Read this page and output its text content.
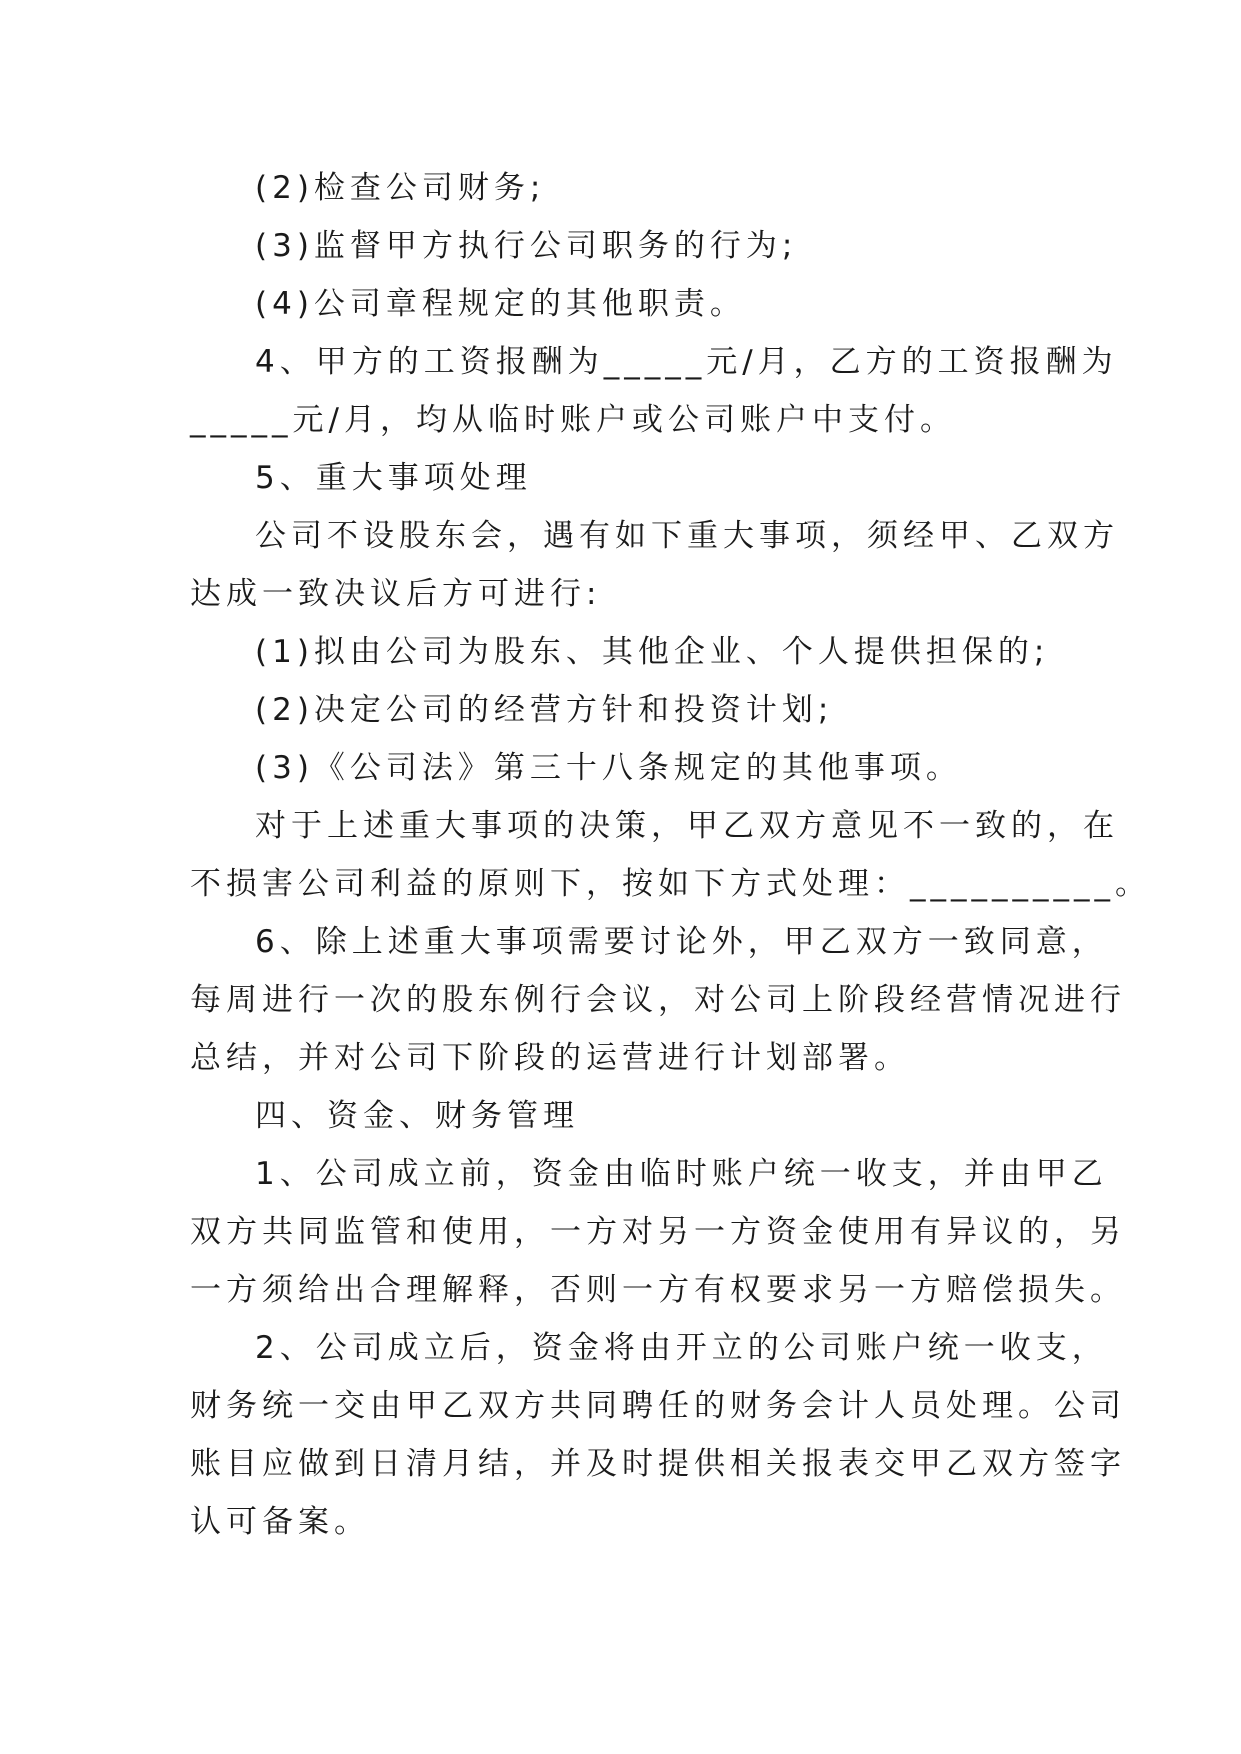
(2)检查公司财务;
(3)监督甲方执行公司职务的行为;
(4)公司章程规定的其他职责。
4、甲方的工资报酬为_____元/月，乙方的工资报酬为
_____元/月，均从临时账户或公司账户中支付。
5、重大事项处理
公司不设股东会，遇有如下重大事项，须经甲、乙双方
达成一致决议后方可进行:
(1)拟由公司为股东、其他企业、个人提供担保的;
(2)决定公司的经营方针和投资计划;
(3)《公司法》第三十八条规定的其他事项。
对于上述重大事项的决策，甲乙双方意见不一致的，在
不损害公司利益的原则下，按如下方式处理：__________。
6、除上述重大事项需要讨论外，甲乙双方一致同意，
每周进行一次的股东例行会议，对公司上阶段经营情况进行
总结，并对公司下阶段的运营进行计划部署。
四、资金、财务管理
1、公司成立前，资金由临时账户统一收支，并由甲乙
双方共同监管和使用，一方对另一方资金使用有异议的，另
一方须给出合理解释，否则一方有权要求另一方赔偿损失。
2、公司成立后，资金将由开立的公司账户统一收支，
财务统一交由甲乙双方共同聘任的财务会计人员处理。公司
账目应做到日清月结，并及时提供相关报表交甲乙双方签字
认可备案。
